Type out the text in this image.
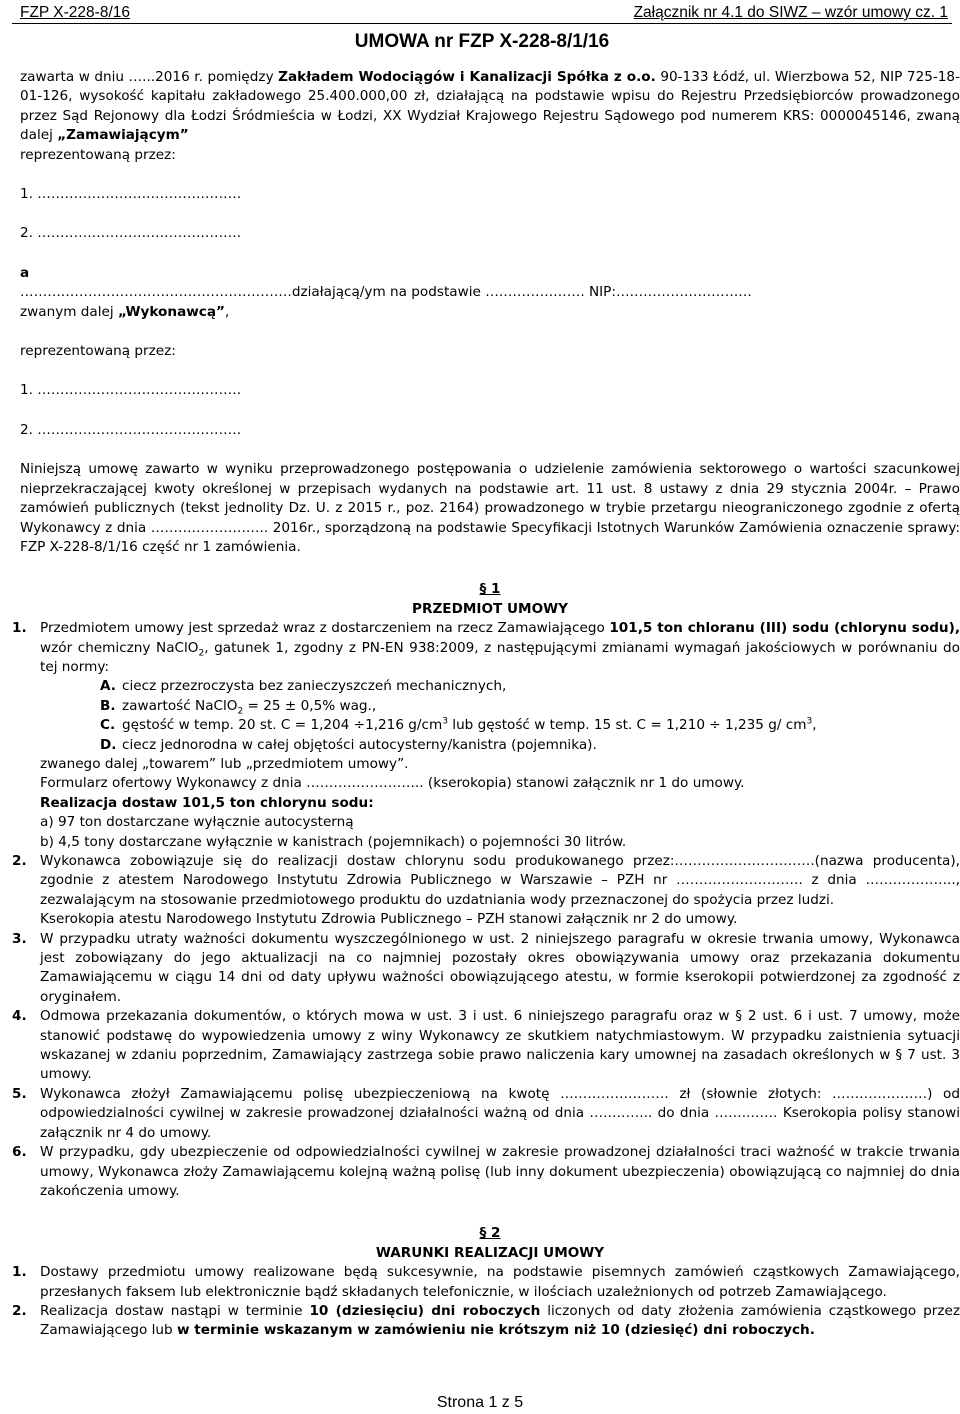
FZP X-228-8/16	Załącznik nr 4.1 do SIWZ – wzór umowy cz. 1
UMOWA nr FZP X-228-8/1/16

zawarta w dniu …...2016 r. pomiędzy Zakładem Wodociągów i Kanalizacji Spółka z o.o. 90-133 Łódź, ul. Wierzbowa 52, NIP 725-18-01-126, wysokość kapitału zakładowego 25.400.000,00 zł, działającą na podstawie wpisu do Rejestru Przedsiębiorców prowadzonego przez Sąd Rejonowy dla Łodzi Śródmieścia w Łodzi, XX Wydział Krajowego Rejestru Sądowego pod numerem KRS: 0000045146, zwaną dalej „Zamawiającym”

reprezentowaną przez:

1. ………………………………………

2. ………………………………………

a

……………………………………………………działającą/ym na podstawie …………………. NIP:…………………………

zwanym dalej „Wykonawcą”,

reprezentowaną przez:

1. ………………………………………

2. ………………………………………

Niniejszą umowę zawarto w wyniku przeprowadzonego postępowania o udzielenie zamówienia sektorowego o wartości szacunkowej nieprzekraczającej kwoty określonej w przepisach wydanych na podstawie art. 11 ust. 8 ustawy z dnia 29 stycznia 2004r. – Prawo zamówień publicznych (tekst jednolity Dz. U. z 2015 r., poz. 2164) prowadzonego w trybie przetargu nieograniczonego zgodnie z ofertą Wykonawcy z dnia …………………….. 2016r., sporządzoną na podstawie Specyfikacji Istotnych Warunków Zamówienia oznaczenie sprawy: FZP X-228-8/1/16 część nr 1 zamówienia.

§ 1

PRZEDMIOT UMOWY

1. Przedmiotem umowy jest sprzedaż wraz z dostarczeniem na rzecz Zamawiającego 101,5 ton chloranu (III) sodu (chlorynu sodu), wzór chemiczny NaClO$_2$, gatunek 1, zgodny z PN-EN 938:2009, z następującymi zmianami wymagań jakościowych w porównaniu do tej normy:
A. ciecz przezroczysta bez zanieczyszczeń mechanicznych,
B. zawartość NaClO$_2$ = 25 ± 0,5% wag.,
C. gęstość w temp. 20 st. C = 1,204 ÷1,216 $g/cm^3$ lub gęstość w temp. 15 st. C = 1,210 ÷ 1,235 g/ $cm^3$,
D. ciecz jednorodna w całej objętości autocysterny/kanistra (pojemnika).

zwanego dalej „towarem” lub „przedmiotem umowy”.

Formularz ofertowy Wykonawcy z dnia …………………….. (kserokopia) stanowi załącznik nr 1 do umowy.

Realizacja dostaw 101,5 ton chlorynu sodu:

a) 97 ton dostarczane wyłącznie autocysterną

b) 4,5 tony dostarczane wyłącznie w kanistrach (pojemnikach) o pojemności 30 litrów.

2. Wykonawca zobowiązuje się do realizacji dostaw chlorynu sodu produkowanego przez:………………………….(nazwa producenta), zgodnie z atestem Narodowego Instytutu Zdrowia Publicznego w Warszawie – PZH nr ………………………. z dnia ……………….., zezwalającym na stosowanie przedmiotowego produktu do uzdatniania wody przeznaczonej do spożycia przez ludzi.

Kserokopia atestu Narodowego Instytutu Zdrowia Publicznego – PZH stanowi załącznik nr 2 do umowy.

3. W przypadku utraty ważności dokumentu wyszczególnionego w ust. 2 niniejszego paragrafu w okresie trwania umowy, Wykonawca jest zobowiązany do jego aktualizacji na co najmniej pozostały okres obowiązywania umowy oraz przekazania dokumentu Zamawiającemu w ciągu 14 dni od daty upływu ważności obowiązującego atestu, w formie kserokopii potwierdzonej za zgodność z oryginałem.
4. Odmowa przekazania dokumentów, o których mowa w ust. 3 i ust. 6 niniejszego paragrafu oraz w § 2 ust. 6 i ust. 7 umowy, może stanowić podstawę do wypowiedzenia umowy z winy Wykonawcy ze skutkiem natychmiastowym. W przypadku zaistnienia sytuacji wskazanej w zdaniu poprzednim, Zamawiający zastrzega sobie prawo naliczenia kary umownej na zasadach określonych w § 7 ust. 3 umowy.
5. Wykonawca złożył Zamawiającemu polisę ubezpieczeniową na kwotę …………………… zł (słownie złotych: …………………) od odpowiedzialności cywilnej w zakresie prowadzonej działalności ważną od dnia ………….. do dnia ……..…… Kserokopia polisy stanowi załącznik nr 4 do umowy.
6. W przypadku, gdy ubezpieczenie od odpowiedzialności cywilnej w zakresie prowadzonej działalności traci ważność w trakcie trwania umowy, Wykonawca złoży Zamawiającemu kolejną ważną polisę (lub inny dokument ubezpieczenia) obowiązującą co najmniej do dnia zakończenia umowy.

§ 2

WARUNKI REALIZACJI UMOWY

1. Dostawy przedmiotu umowy realizowane będą sukcesywnie, na podstawie pisemnych zamówień cząstkowych Zamawiającego, przesłanych faksem lub elektronicznie bądź składanych telefonicznie, w ilościach uzależnionych od potrzeb Zamawiającego.
2. Realizacja dostaw nastąpi w terminie 10 (dziesięciu) dni roboczych liczonych od daty złożenia zamówienia cząstkowego przez Zamawiającego lub w terminie wskazanym w zamówieniu nie krótszym niż 10 (dziesięć) dni roboczych.
Strona 1 z 5
